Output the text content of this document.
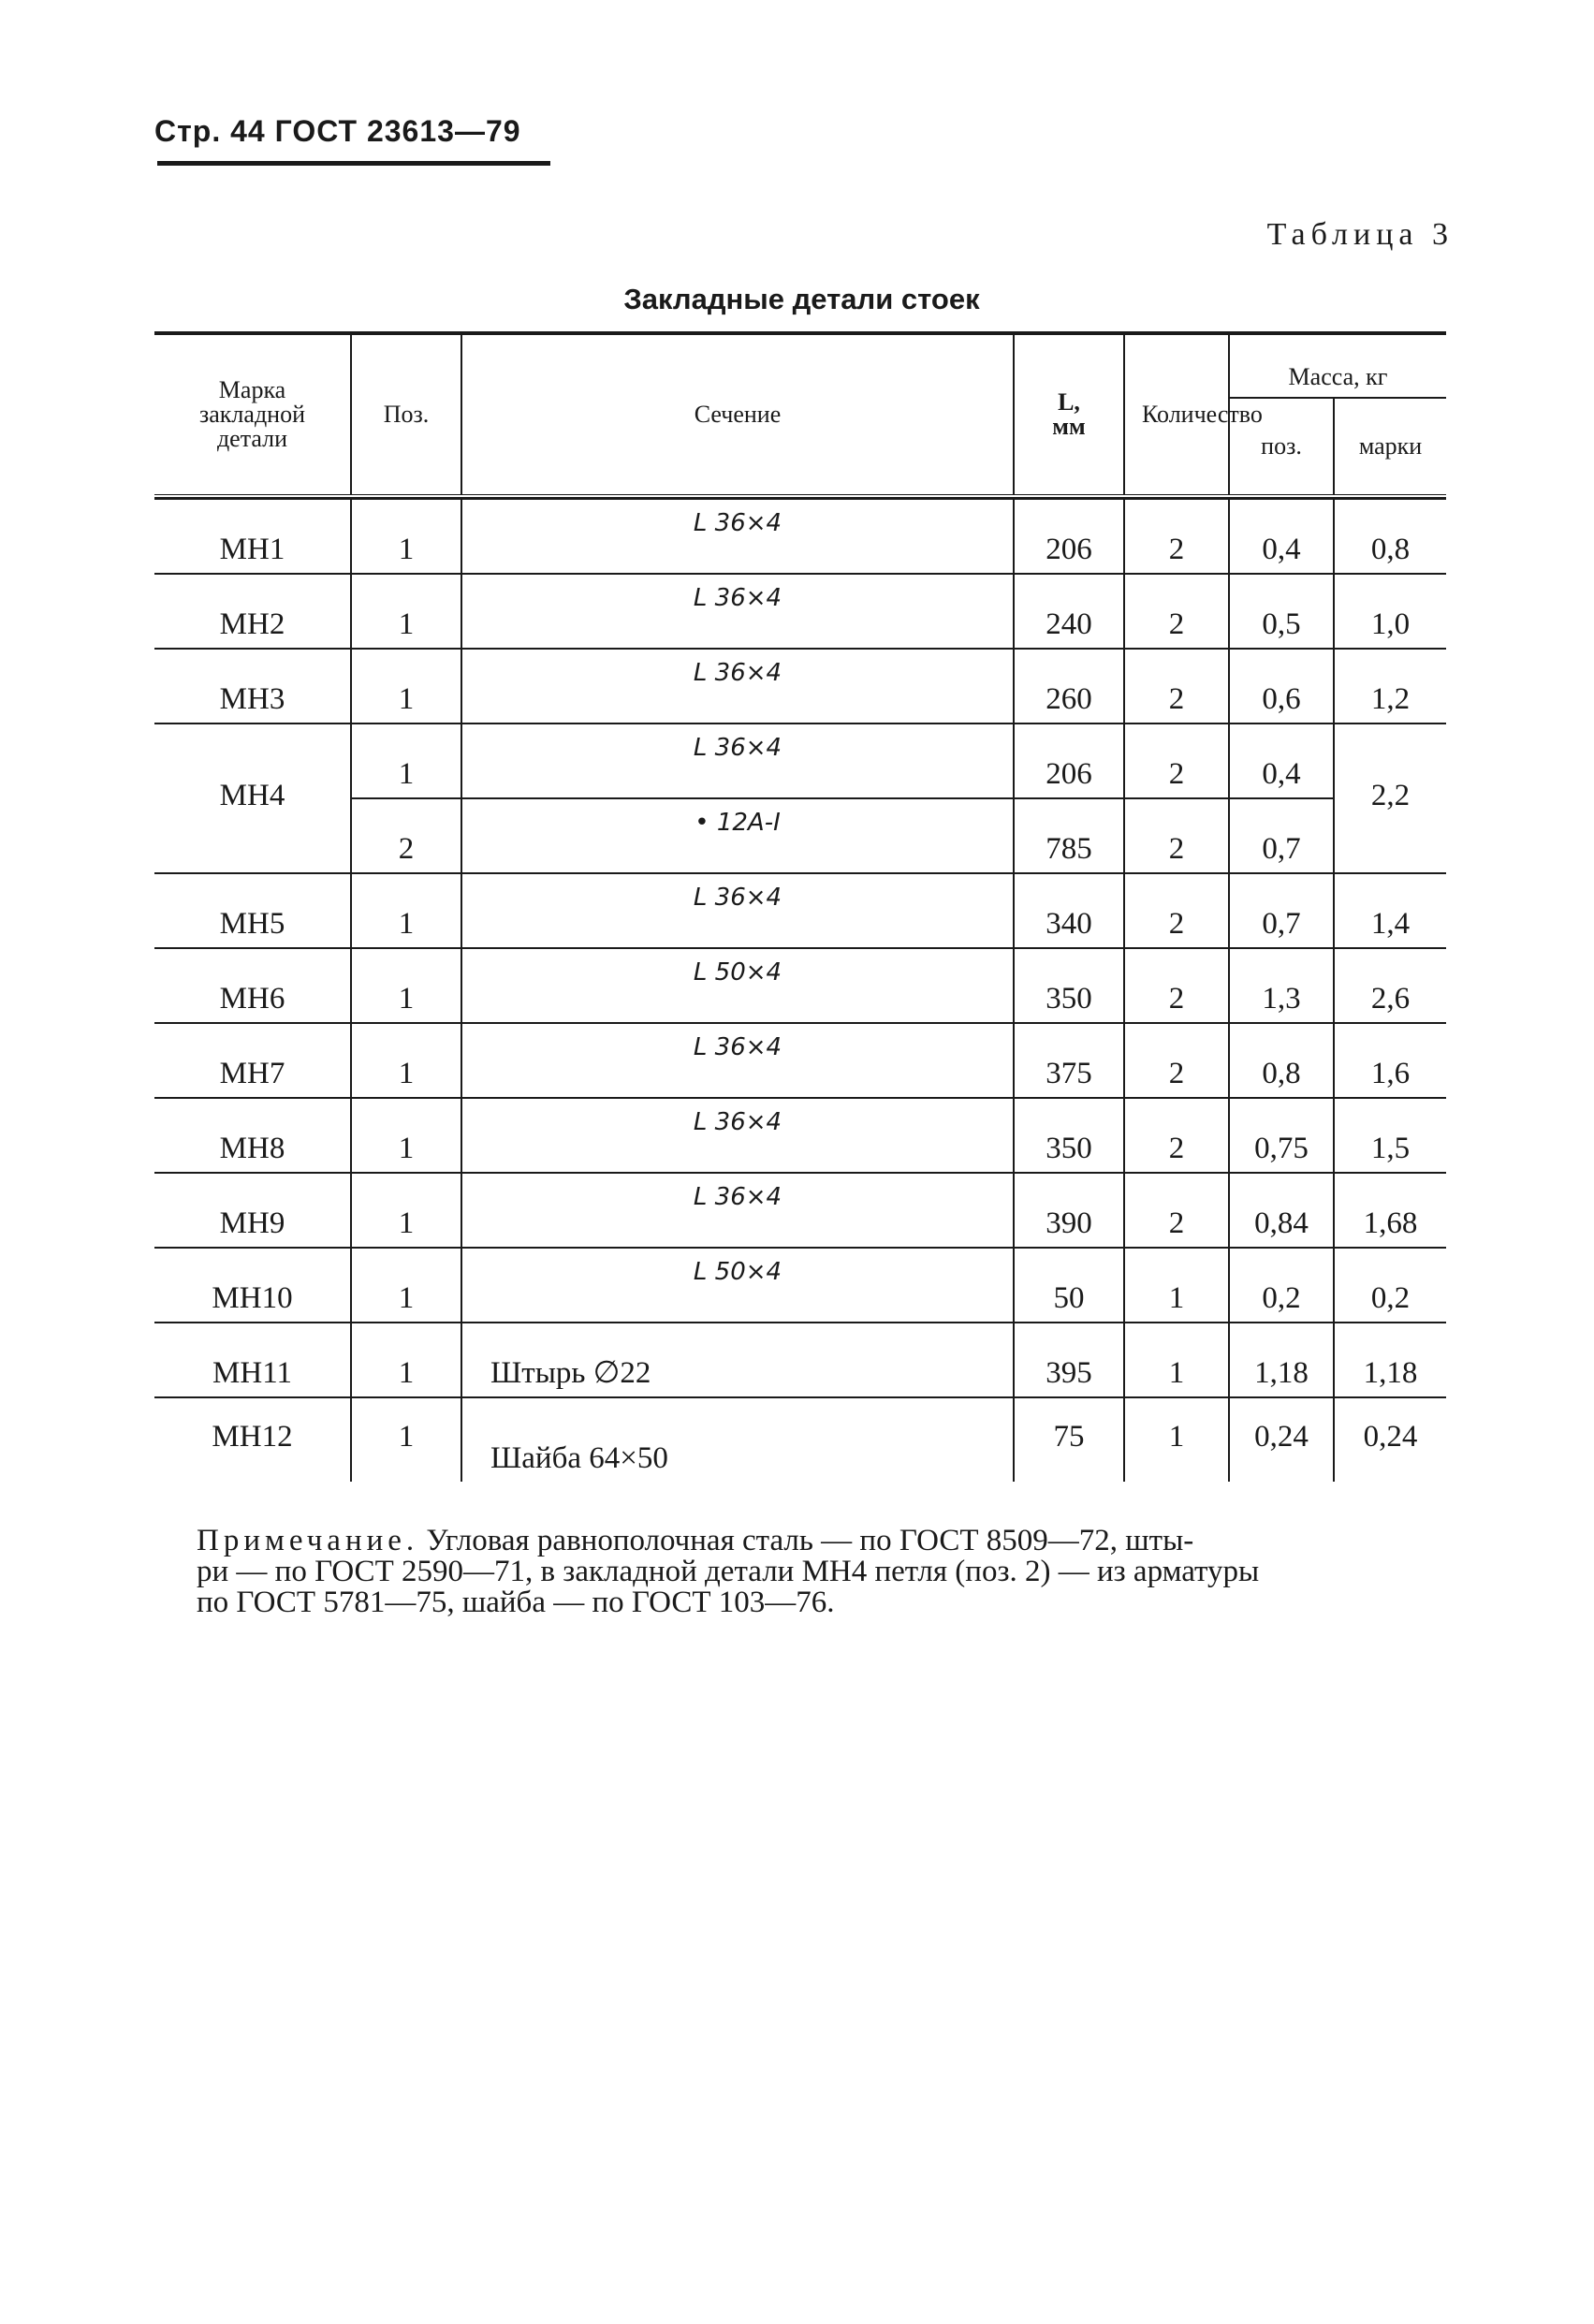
Стр. 44 ГОСТ 23613—79
Таблица 3
Закладные детали стоек
Марка закладной детали	Поз.	Сечение	L, мм	Количество	Масса, кг	
					поз.	марки

МН1	1	L 36×4	206	2	0,4	0,8
МН2	1	L 36×4	240	2	0,5	1,0
МН3	1	L 36×4	260	2	0,6	1,2
МН4	1	L 36×4	206	2	0,4	2,2
	2	• 12А-I	785	2	0,7	
МН5	1	L 36×4	340	2	0,7	1,4
МН6	1	L 50×4	350	2	1,3	2,6
МН7	1	L 36×4	375	2	0,8	1,6
МН8	1	L 36×4	350	2	0,75	1,5
МН9	1	L 36×4	390	2	0,84	1,68
МН10	1	L 50×4	50	1	0,2	0,2
МН11	1	Штырь ∅22	395	1	1,18	1,18
МН12	1	Шайба 64×50	75	1	0,24	0,24
Примечание. Угловая равнополочная сталь — по ГОСТ 8509—72, шты-
ри — по ГОСТ 2590—71, в закладной детали МН4 петля (поз. 2) — из арматуры
по ГОСТ 5781—75, шайба — по ГОСТ 103—76.
